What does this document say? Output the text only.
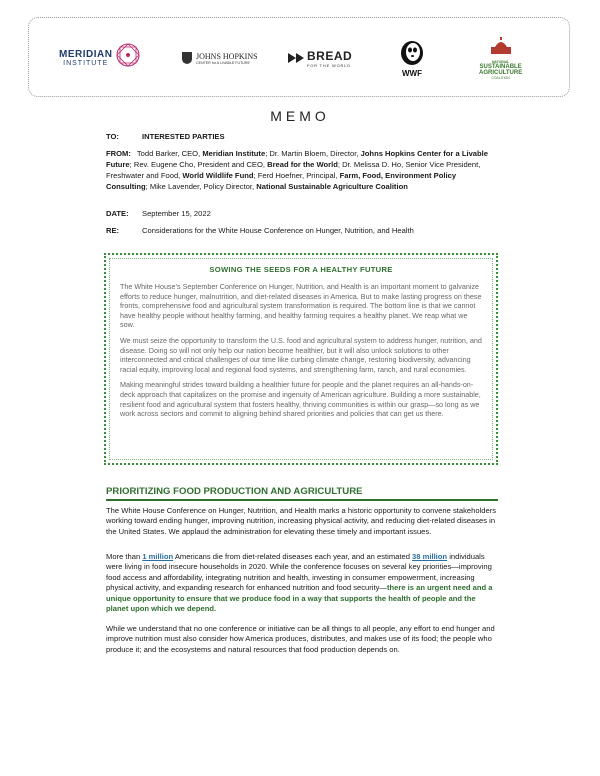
MERIDIAN
INSTITUTE
JOHNS HOPKINS
CENTER for A LIVABLE FUTURE	BREAD
FOR THE WORLD
WWF
NATIONAL
SUSTAINABLE
AGRICULTURE
COALITION
MEMO
TO:	INTERESTED PARTIES
FROM: Todd Barker, CEO, Meridian Institute; Dr. Martin Bloem, Director, Johns Hopkins Center for a Livable Future; Rev. Eugene Cho, President and CEO, Bread for the World; Dr. Melissa D. Ho, Senior Vice President, Freshwater and Food, World Wildlife Fund; Ferd Hoefner, Principal, Farm, Food, Environment Policy Consulting; Mike Lavender, Policy Director, National Sustainable Agriculture Coalition
DATE:	September 15, 2022
RE:	Considerations for the White House Conference on Hunger, Nutrition, and Health
SOWING THE SEEDS FOR A HEALTHY FUTURE

The White House’s September Conference on Hunger, Nutrition, and Health is an important moment to galvanize efforts to reduce hunger, malnutrition, and diet-related diseases in America. But to make lasting progress on these fronts, comprehensive food and agricultural system transformation is required. The bottom line is that we cannot have healthy people without healthy farming, and healthy farming requires a healthy planet. We reap what we sow.

We must seize the opportunity to transform the U.S. food and agricultural system to address hunger, nutrition, and disease. Doing so will not only help our nation become healthier, but it will also unlock solutions to other interconnected and critical challenges of our time like curbing climate change, restoring biodiversity, advancing racial equity, improving local and regional food systems, and strengthening farm, ranch, and rural economies.

Making meaningful strides toward building a healthier future for people and the planet requires an all-hands-on-deck approach that capitalizes on the promise and ingenuity of American agriculture. Building a more sustainable, resilient food and agricultural system that fosters healthy, thriving communities is within our grasp—so long as we work across sectors and commit to aligning behind shared priorities and policies that can get us there.

PRIORITIZING FOOD PRODUCTION AND AGRICULTURE

The White House Conference on Hunger, Nutrition, and Health marks a historic opportunity to convene stakeholders working toward ending hunger, improving nutrition, increasing physical activity, and reducing diet-related diseases in the United States. We applaud the administration for elevating these timely and important issues.

More than 1 million Americans die from diet-related diseases each year, and an estimated 38 million individuals were living in food insecure households in 2020. While the conference focuses on several key priorities—improving food access and affordability, integrating nutrition and health, investing in consumer empowerment, increasing physical activity, and expanding research for enhanced nutrition and food security—there is an urgent need and a unique opportunity to ensure that we produce food in a way that supports the health of people and the planet upon which we depend.

While we understand that no one conference or initiative can be all things to all people, any effort to end hunger and improve nutrition must also consider how America produces, distributes, and makes use of its food; the people who produce it; and the ecosystems and natural resources that food production depends on.
